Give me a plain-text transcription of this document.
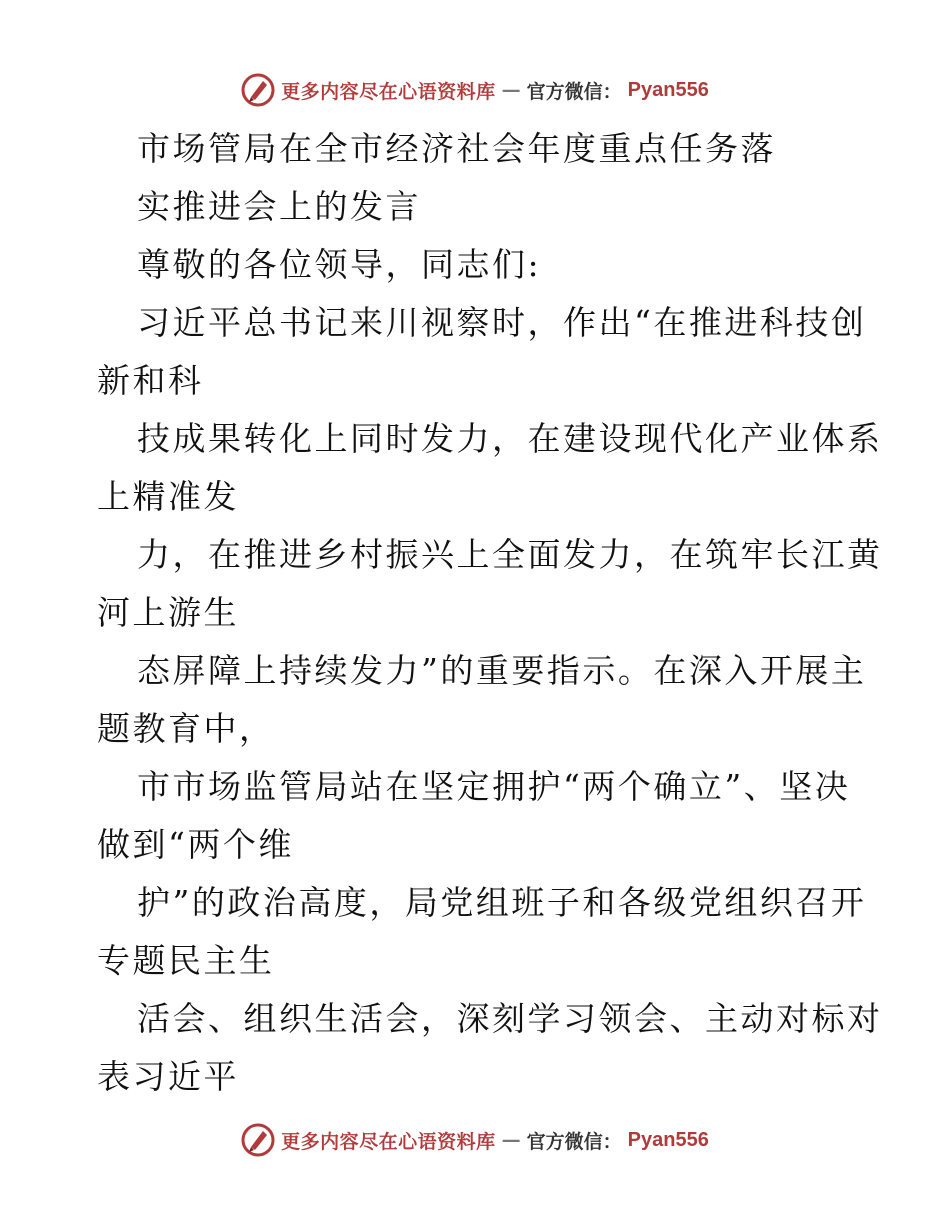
更多内容尽在心语资料库 — 官方微信： Pyan556
市场管局在全市经济社会年度重点任务落
实推进会上的发言
尊敬的各位领导，同志们:
习近平总书记来川视察时，作出“在推进科技创
新和科
技成果转化上同时发力，在建设现代化产业体系
上精准发
力，在推进乡村振兴上全面发力，在筑牢长江黄
河上游生
态屏障上持续发力”的重要指示。在深入开展主
题教育中，
市市场监管局站在坚定拥护“两个确立”、坚决
做到“两个维
护”的政治高度，局党组班子和各级党组织召开
专题民主生
活会、组织生活会，深刻学习领会、主动对标对
表习近平
更多内容尽在心语资料库 — 官方微信： Pyan556
